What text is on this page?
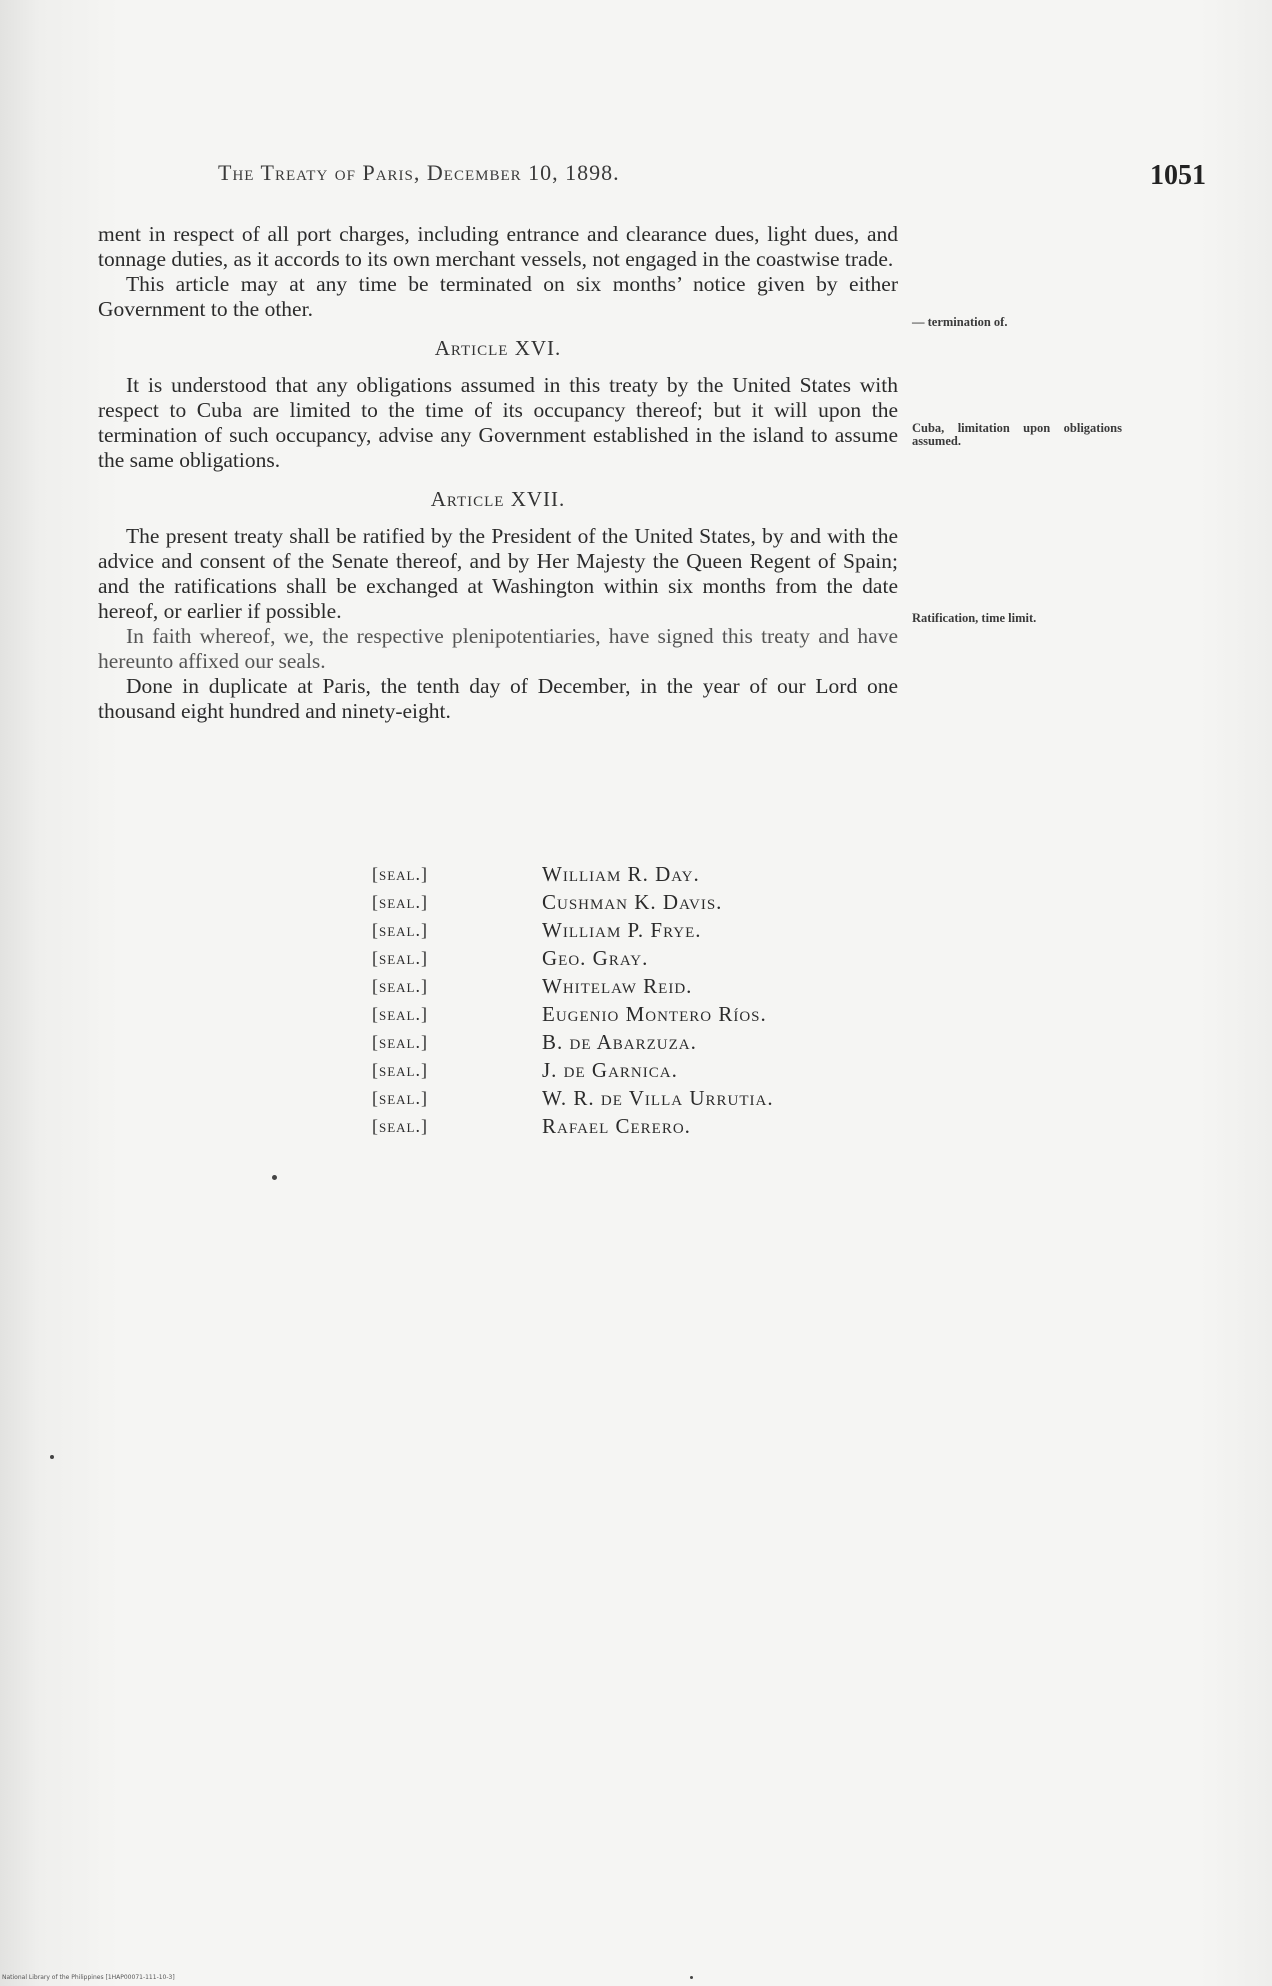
The Treaty of Paris, December 10, 1898.	1051

ment in respect of all port charges, including entrance and clearance dues, light dues, and tonnage duties, as it accords to its own merchant vessels, not engaged in the coastwise trade.

This article may at any time be terminated on six months’ notice given by either Government to the other.

Article XVI.

It is understood that any obligations assumed in this treaty by the United States with respect to Cuba are limited to the time of its occupancy thereof; but it will upon the termination of such occupancy, advise any Government established in the island to assume the same obligations.

Article XVII.

The present treaty shall be ratified by the President of the United States, by and with the advice and consent of the Senate thereof, and by Her Majesty the Queen Regent of Spain; and the ratifications shall be exchanged at Washington within six months from the date hereof, or earlier if possible.

In faith whereof, we, the respective plenipotentiaries, have signed this treaty and have hereunto affixed our seals.

Done in duplicate at Paris, the tenth day of December, in the year of our Lord one thousand eight hundred and ninety-eight.

— termination of.
Cuba, limitation upon obligations assumed.
Ratification, time limit.
[ seal. ]	William R. Day.
[ seal. ]	Cushman K. Davis.
[ seal. ]	William P. Frye.
[ seal. ]	Geo. Gray.
[ seal. ]	Whitelaw Reid.
[ seal. ]	Eugenio Montero Ríos.
[ seal. ]	B. de Abarzuza.
[ seal. ]	J. de Garnica.
[ seal. ]	W. R. de Villa Urrutia.
[ seal. ]	Rafael Cerero.
National Library of the Philippines [1HAP00071-111-10-3]
